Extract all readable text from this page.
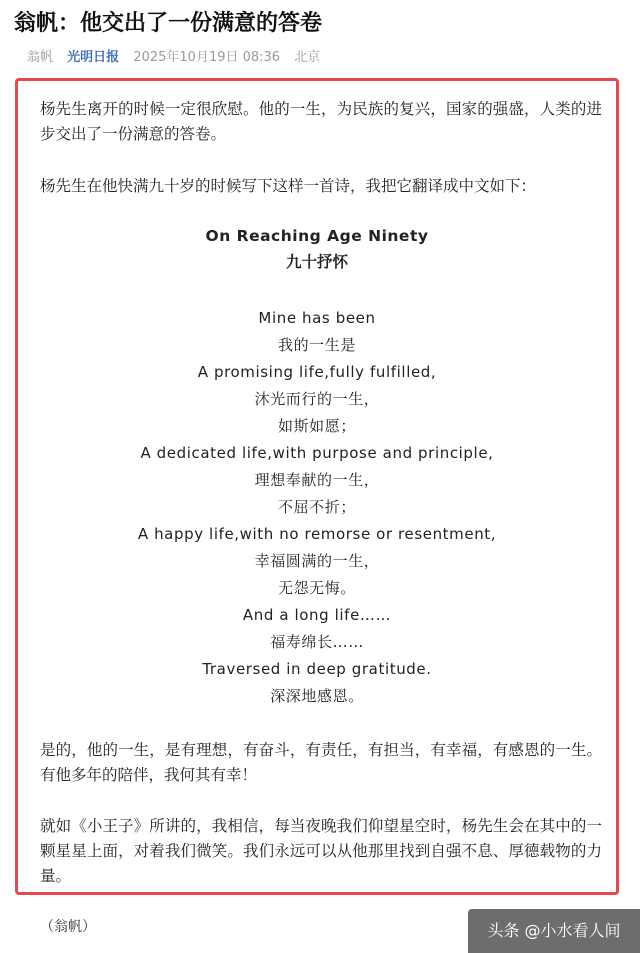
翁帆：他交出了一份满意的答卷
翁帆 光明日报 2025年10月19日 08:36 北京
杨先生离开的时候一定很欣慰。他的一生，为民族的复兴，国家的强盛，人类的进步交出了一份满意的答卷。
杨先生在他快满九十岁的时候写下这样一首诗，我把它翻译成中文如下：
On Reaching Age Ninety
九十抒怀
Mine has been
我的一生是
A promising life,fully fulfilled,
沐光而行的一生，
如斯如愿；
A dedicated life,with purpose and principle,
理想奉献的一生，
不屈不折；
A happy life,with no remorse or resentment,
幸福圆满的一生，
无怨无悔。
And a long life……
福寿绵长……
Traversed in deep gratitude.
深深地感恩。
是的，他的一生，是有理想，有奋斗，有责任，有担当，有幸福，有感恩的一生。有他多年的陪伴，我何其有幸！
就如《小王子》所讲的，我相信，每当夜晚我们仰望星空时，杨先生会在其中的一颗星星上面，对着我们微笑。我们永远可以从他那里找到自强不息、厚德载物的力量。
（翁帆）	头条 @小水看人间
